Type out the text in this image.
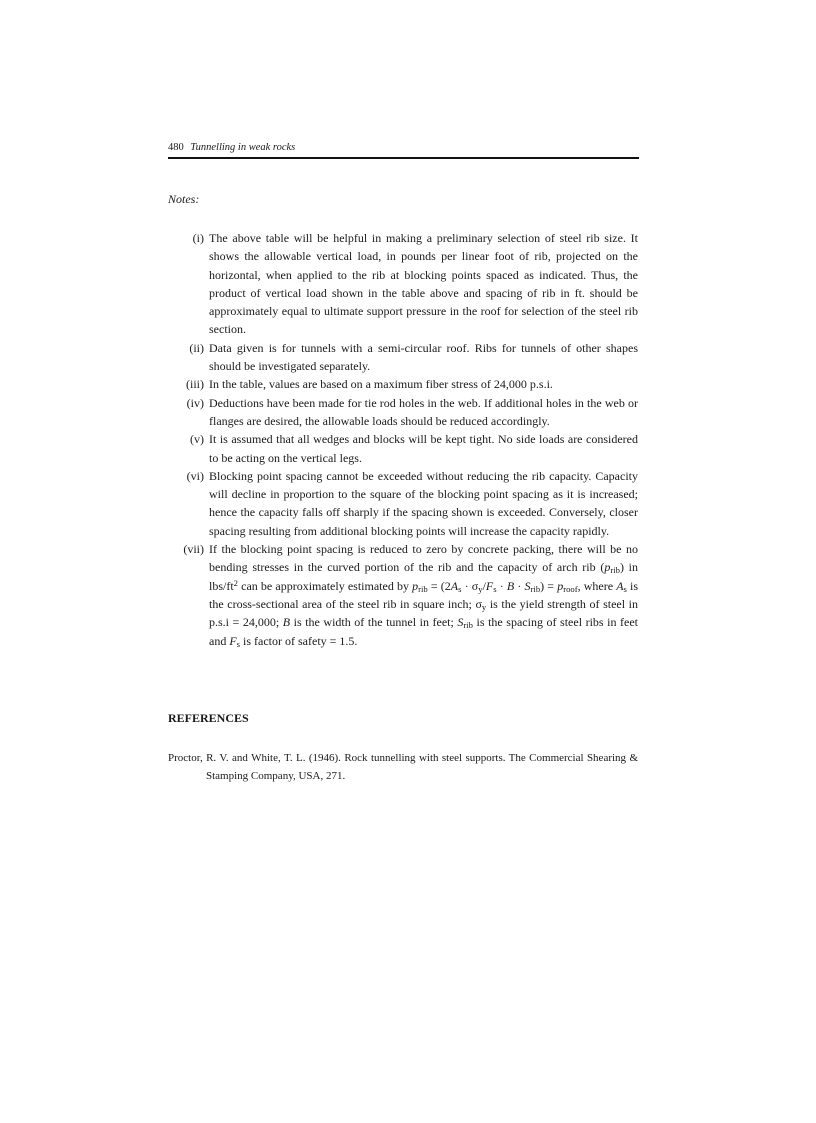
480 Tunnelling in weak rocks
Notes:
(i) The above table will be helpful in making a preliminary selection of steel rib size. It shows the allowable vertical load, in pounds per linear foot of rib, projected on the horizontal, when applied to the rib at blocking points spaced as indicated. Thus, the product of vertical load shown in the table above and spacing of rib in ft. should be approximately equal to ultimate support pressure in the roof for selection of the steel rib section.
(ii) Data given is for tunnels with a semi-circular roof. Ribs for tunnels of other shapes should be investigated separately.
(iii) In the table, values are based on a maximum fiber stress of 24,000 p.s.i.
(iv) Deductions have been made for tie rod holes in the web. If additional holes in the web or flanges are desired, the allowable loads should be reduced accordingly.
(v) It is assumed that all wedges and blocks will be kept tight. No side loads are considered to be acting on the vertical legs.
(vi) Blocking point spacing cannot be exceeded without reducing the rib capacity. Capacity will decline in proportion to the square of the blocking point spacing as it is increased; hence the capacity falls off sharply if the spacing shown is exceeded. Conversely, closer spacing resulting from additional blocking points will increase the capacity rapidly.
(vii) If the blocking point spacing is reduced to zero by concrete packing, there will be no bending stresses in the curved portion of the rib and the capacity of arch rib $(p_{rib})$ in lbs/$ft^2$ can be approximately estimated by $p_{rib} = (2A_s \cdot \sigma_y/F_s \cdot B \cdot S_{rib}) = p_{roof}$, where $A_s$ is the cross-sectional area of the steel rib in square inch; $\sigma_y$ is the yield strength of steel in p.s.i = 24,000; B is the width of the tunnel in feet; $S_{rib}$ is the spacing of steel ribs in feet and $F_s$ is factor of safety = 1.5.
REFERENCES
Proctor, R. V. and White, T. L. (1946). Rock tunnelling with steel supports. The Commercial Shearing & Stamping Company, USA, 271.
